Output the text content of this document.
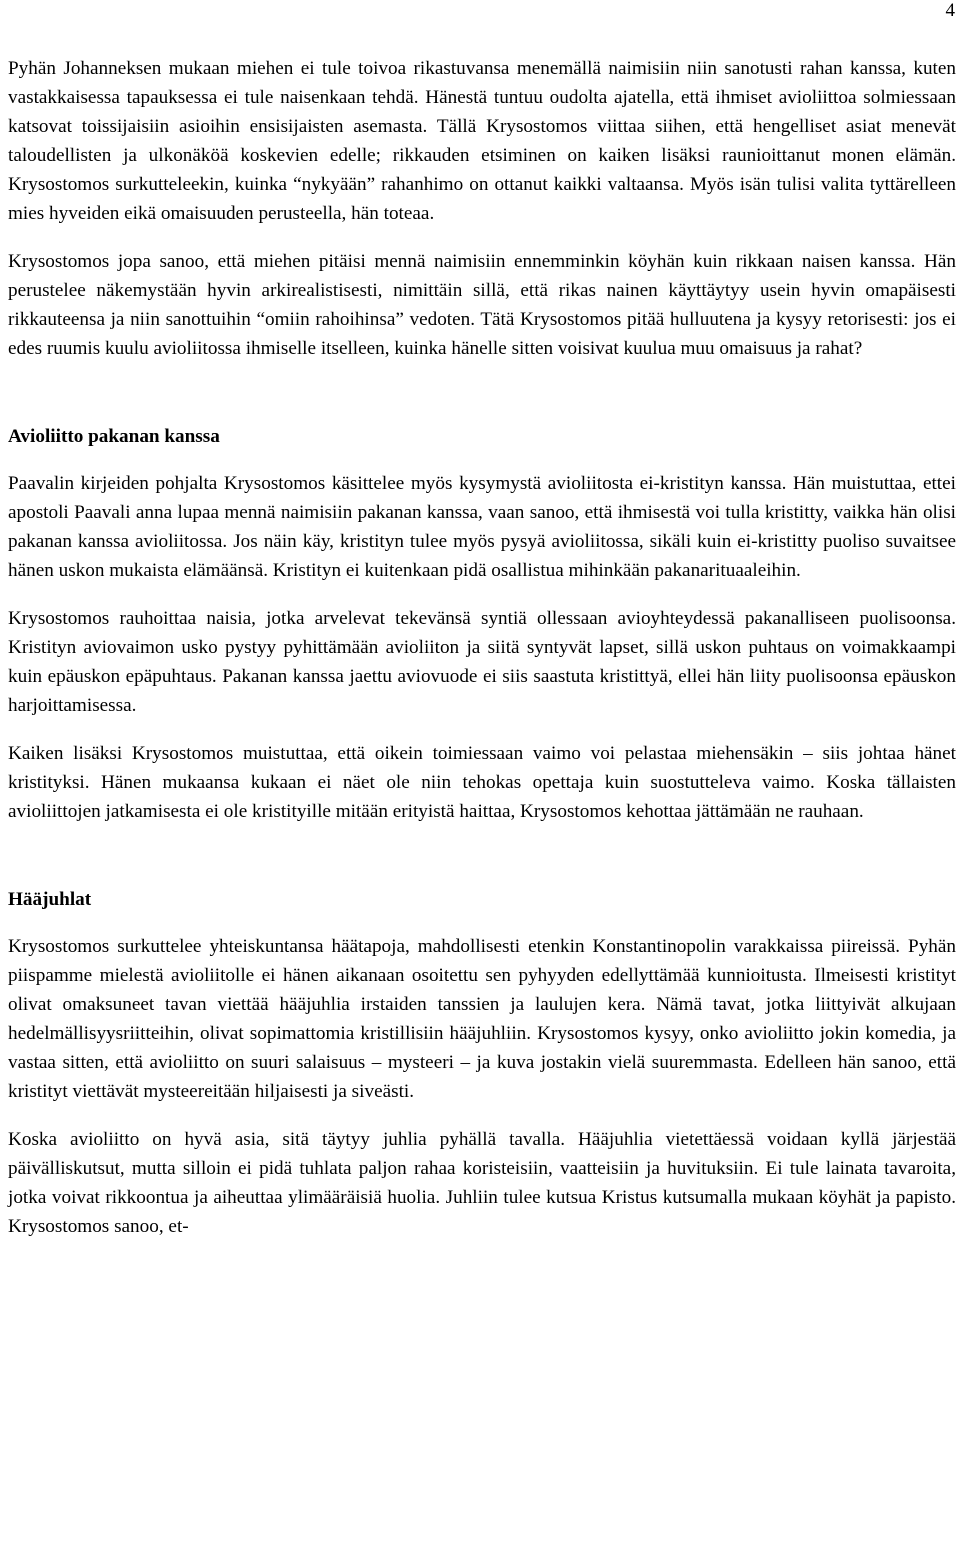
4

Pyhän Johanneksen mukaan miehen ei tule toivoa rikastuvansa menemällä naimisiin niin sanotusti rahan kanssa, kuten vastakkaisessa tapauksessa ei tule naisenkaan tehdä. Hänestä tuntuu oudolta ajatella, että ihmiset avioliittoa solmiessaan katsovat toissijaisiin asioihin ensisijaisten asemasta. Tällä Krysostomos viittaa siihen, että hengelliset asiat menevät taloudellisten ja ulkonäköä koskevien edelle; rikkauden etsiminen on kaiken lisäksi raunioittanut monen elämän. Krysostomos surkutteleekin, kuinka “nykyään” rahanhimo on ottanut kaikki valtaansa. Myös isän tulisi valita tyttärelleen mies hyveiden eikä omaisuuden perusteella, hän toteaa.

Krysostomos jopa sanoo, että miehen pitäisi mennä naimisiin ennemminkin köyhän kuin rikkaan naisen kanssa. Hän perustelee näkemystään hyvin arkirealistisesti, nimittäin sillä, että rikas nainen käyttäytyy usein hyvin omapäisesti rikkauteensa ja niin sanottuihin “omiin rahoihinsa” vedoten. Tätä Krysostomos pitää hulluutena ja kysyy retorisesti: jos ei edes ruumis kuulu avioliitossa ihmiselle itselleen, kuinka hänelle sitten voisivat kuulua muu omaisuus ja rahat?

Avioliitto pakanan kanssa

Paavalin kirjeiden pohjalta Krysostomos käsittelee myös kysymystä avioliitosta ei-kristityn kanssa. Hän muistuttaa, ettei apostoli Paavali anna lupaa mennä naimisiin pakanan kanssa, vaan sanoo, että ihmisestä voi tulla kristitty, vaikka hän olisi pakanan kanssa avioliitossa. Jos näin käy, kristityn tulee myös pysyä avioliitossa, sikäli kuin ei-kristitty puoliso suvaitsee hänen uskon mukaista elämäänsä. Kristityn ei kuitenkaan pidä osallistua mihinkään pakanarituaaleihin.

Krysostomos rauhoittaa naisia, jotka arvelevat tekevänsä syntiä ollessaan avioyhteydessä pakanalliseen puolisoonsa. Kristityn aviovaimon usko pystyy pyhittämään avioliiton ja siitä syntyvät lapset, sillä uskon puhtaus on voimakkaampi kuin epäuskon epäpuhtaus. Pakanan kanssa jaettu aviovuode ei siis saastuta kristittyä, ellei hän liity puolisoonsa epäuskon harjoittamisessa.

Kaiken lisäksi Krysostomos muistuttaa, että oikein toimiessaan vaimo voi pelastaa miehensäkin – siis johtaa hänet kristityksi. Hänen mukaansa kukaan ei näet ole niin tehokas opettaja kuin suostutteleva vaimo. Koska tällaisten avioliittojen jatkamisesta ei ole kristityille mitään erityistä haittaa, Krysostomos kehottaa jättämään ne rauhaan.

Hääjuhlat

Krysostomos surkuttelee yhteiskuntansa häätapoja, mahdollisesti etenkin Konstantinopolin varakkaissa piireissä. Pyhän piispamme mielestä avioliitolle ei hänen aikanaan osoitettu sen pyhyyden edellyttämää kunnioitusta. Ilmeisesti kristityt olivat omaksuneet tavan viettää hääjuhlia irstaiden tanssien ja laulujen kera. Nämä tavat, jotka liittyivät alkujaan hedelmällisyysriitteihin, olivat sopimattomia kristillisiin hääjuhliin. Krysostomos kysyy, onko avioliitto jokin komedia, ja vastaa sitten, että avioliitto on suuri salaisuus – mysteeri – ja kuva jostakin vielä suuremmasta. Edelleen hän sanoo, että kristityt viettävät mysteereitään hiljaisesti ja siveästi.

Koska avioliitto on hyvä asia, sitä täytyy juhlia pyhällä tavalla. Hääjuhlia vietettäessä voidaan kyllä järjestää päivälliskutsut, mutta silloin ei pidä tuhlata paljon rahaa koristeisiin, vaatteisiin ja huvituksiin. Ei tule lainata tavaroita, jotka voivat rikkoontua ja aiheuttaa ylimääräisiä huolia. Juhliin tulee kutsua Kristus kutsumalla mukaan köyhät ja papisto. Krysostomos sanoo, et-
